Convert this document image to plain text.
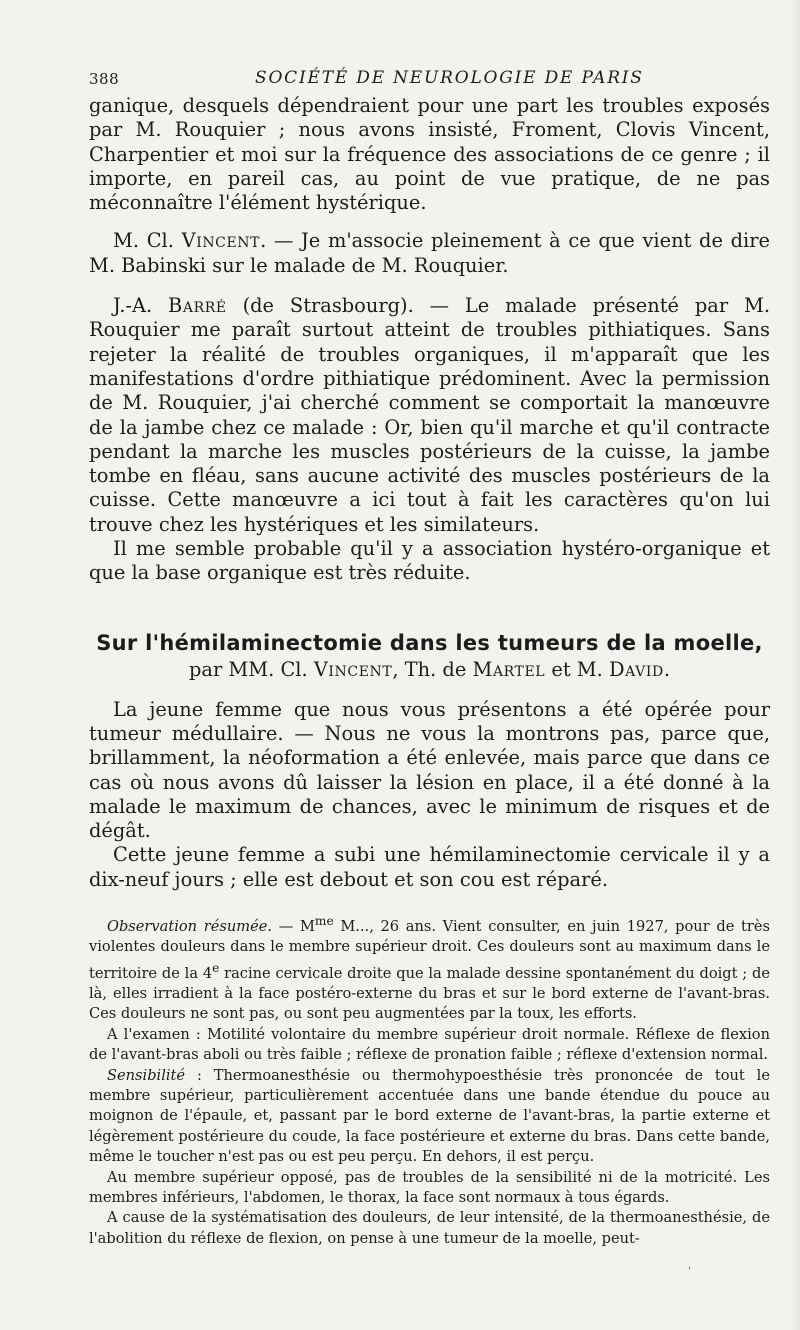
388	SOCIÉTÉ DE NEUROLOGIE DE PARIS

ganique, desquels dépendraient pour une part les troubles exposés par M. Rouquier ; nous avons insisté, Froment, Clovis Vincent, Charpentier et moi sur la fréquence des associations de ce genre ; il importe, en pareil cas, au point de vue pratique, de ne pas méconnaître l'élément hystérique.

M. Cl. Vincent. — Je m'associe pleinement à ce que vient de dire M. Babinski sur le malade de M. Rouquier.

J.-A. Barré (de Strasbourg). — Le malade présenté par M. Rouquier me paraît surtout atteint de troubles pithiatiques. Sans rejeter la réalité de troubles organiques, il m'apparaît que les manifestations d'ordre pithiatique prédominent. Avec la permission de M. Rouquier, j'ai cherché comment se comportait la manœuvre de la jambe chez ce malade : Or, bien qu'il marche et qu'il contracte pendant la marche les muscles postérieurs de la cuisse, la jambe tombe en fléau, sans aucune activité des muscles postérieurs de la cuisse. Cette manœuvre a ici tout à fait les caractères qu'on lui trouve chez les hystériques et les similateurs.

Il me semble probable qu'il y a association hystéro-organique et que la base organique est très réduite.

Sur l'hémilaminectomie dans les tumeurs de la moelle,

par MM. Cl. Vincent, Th. de Martel et M. David.

La jeune femme que nous vous présentons a été opérée pour tumeur médullaire. — Nous ne vous la montrons pas, parce que, brillamment, la néoformation a été enlevée, mais parce que dans ce cas où nous avons dû laisser la lésion en place, il a été donné à la malade le maximum de chances, avec le minimum de risques et de dégât.

Cette jeune femme a subi une hémilaminectomie cervicale il y a dix-neuf jours ; elle est debout et son cou est réparé.

Observation résumée. — $M^{me}$ M..., 26 ans. Vient consulter, en juin 1927, pour de très violentes douleurs dans le membre supérieur droit. Ces douleurs sont au maximum dans le territoire de la 4e racine cervicale droite que la malade dessine spontanément du doigt ; de là, elles irradient à la face postéro-externe du bras et sur le bord externe de l'avant-bras. Ces douleurs ne sont pas, ou sont peu augmentées par la toux, les efforts.

A l'examen : Motilité volontaire du membre supérieur droit normale. Réflexe de flexion de l'avant-bras aboli ou très faible ; réflexe de pronation faible ; réflexe d'extension normal.

Sensibilité : Thermoanesthésie ou thermohypoesthésie très prononcée de tout le membre supérieur, particulièrement accentuée dans une bande étendue du pouce au moignon de l'épaule, et, passant par le bord externe de l'avant-bras, la partie externe et légèrement postérieure du coude, la face postérieure et externe du bras. Dans cette bande, même le toucher n'est pas ou est peu perçu. En dehors, il est perçu.

Au membre supérieur opposé, pas de troubles de la sensibilité ni de la motricité. Les membres inférieurs, l'abdomen, le thorax, la face sont normaux à tous égards.

A cause de la systématisation des douleurs, de leur intensité, de la thermoanesthésie, de l'abolition du réflexe de flexion, on pense à une tumeur de la moelle, peut-

'
